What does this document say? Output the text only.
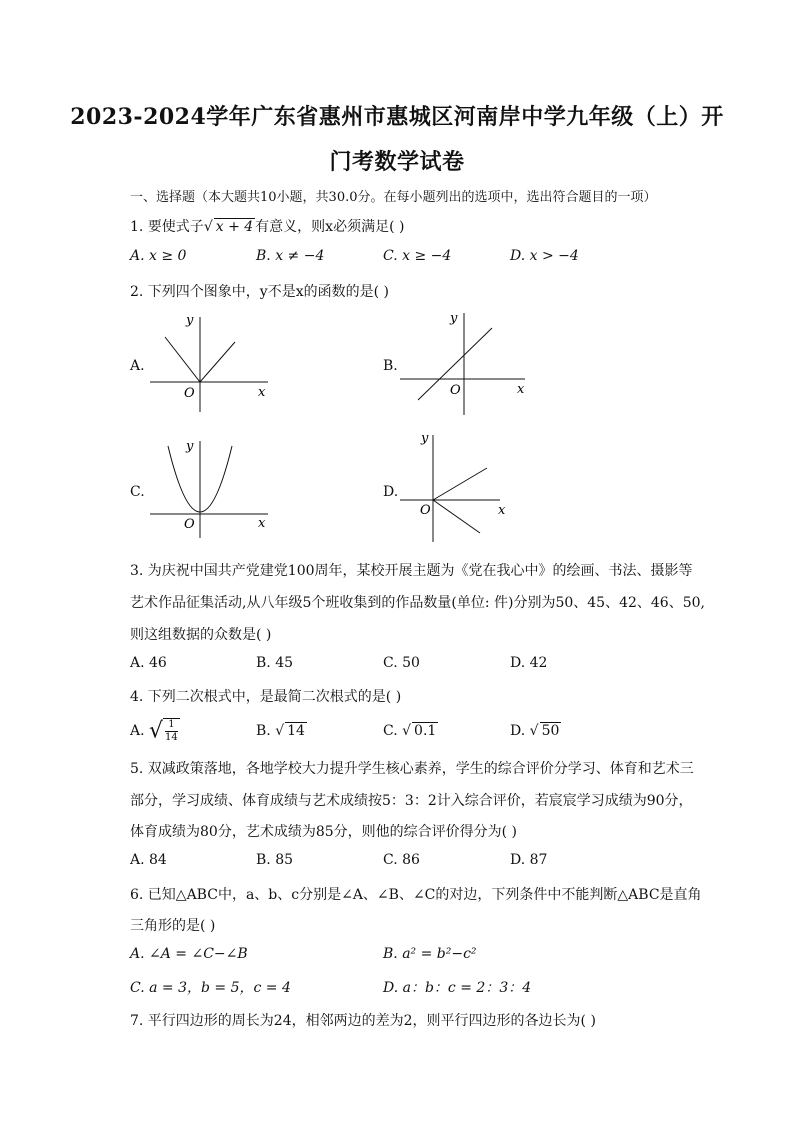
2023-2024学年广东省惠州市惠城区河南岸中学九年级（上）开
门考数学试卷
一、选择题（本大题共10小题，共30.0分。在每小题列出的选项中，选出符合题目的一项）
1. 要使式子√ x + 4 有意义，则x必须满足( )
A. x ≥ 0	B. x ≠ −4	C. x ≥ −4	D. x > −4
2. 下列四个图象中，y不是x的函数的是( )
A.
y
x
O
B.
y
x
O
C.
y
x
O
D.
y
x
O
3. 为庆祝中国共产党建党100周年，某校开展主题为《党在我心中》的绘画、书法、摄影等
艺术作品征集活动,从八年级5个班收集到的作品数量(单位: 件)分别为50、45、42、46、50,
则这组数据的众数是( )
A. 46	B. 45	C. 50	D. 42
4. 下列二次根式中，是最简二次根式的是( )
A. √ $\frac{1}{14}$	B. √ 14	C. √ 0.1	D. √ 50
5. 双减政策落地，各地学校大力提升学生核心素养，学生的综合评价分学习、体育和艺术三
部分，学习成绩、体育成绩与艺术成绩按5：3：2计入综合评价，若宸宸学习成绩为90分，
体育成绩为80分，艺术成绩为85分，则他的综合评价得分为( )
A. 84	B. 85	C. 86	D. 87
6. 已知△ABC中，a、b、c分别是∠A、∠B、∠C的对边，下列条件中不能判断△ABC是直角
三角形的是( )
A. ∠A = ∠C−∠B	B. a² = b²−c²
C. a = 3，b = 5，c = 4	D. a：b：c = 2：3：4
7. 平行四边形的周长为24，相邻两边的差为2，则平行四边形的各边长为( )
